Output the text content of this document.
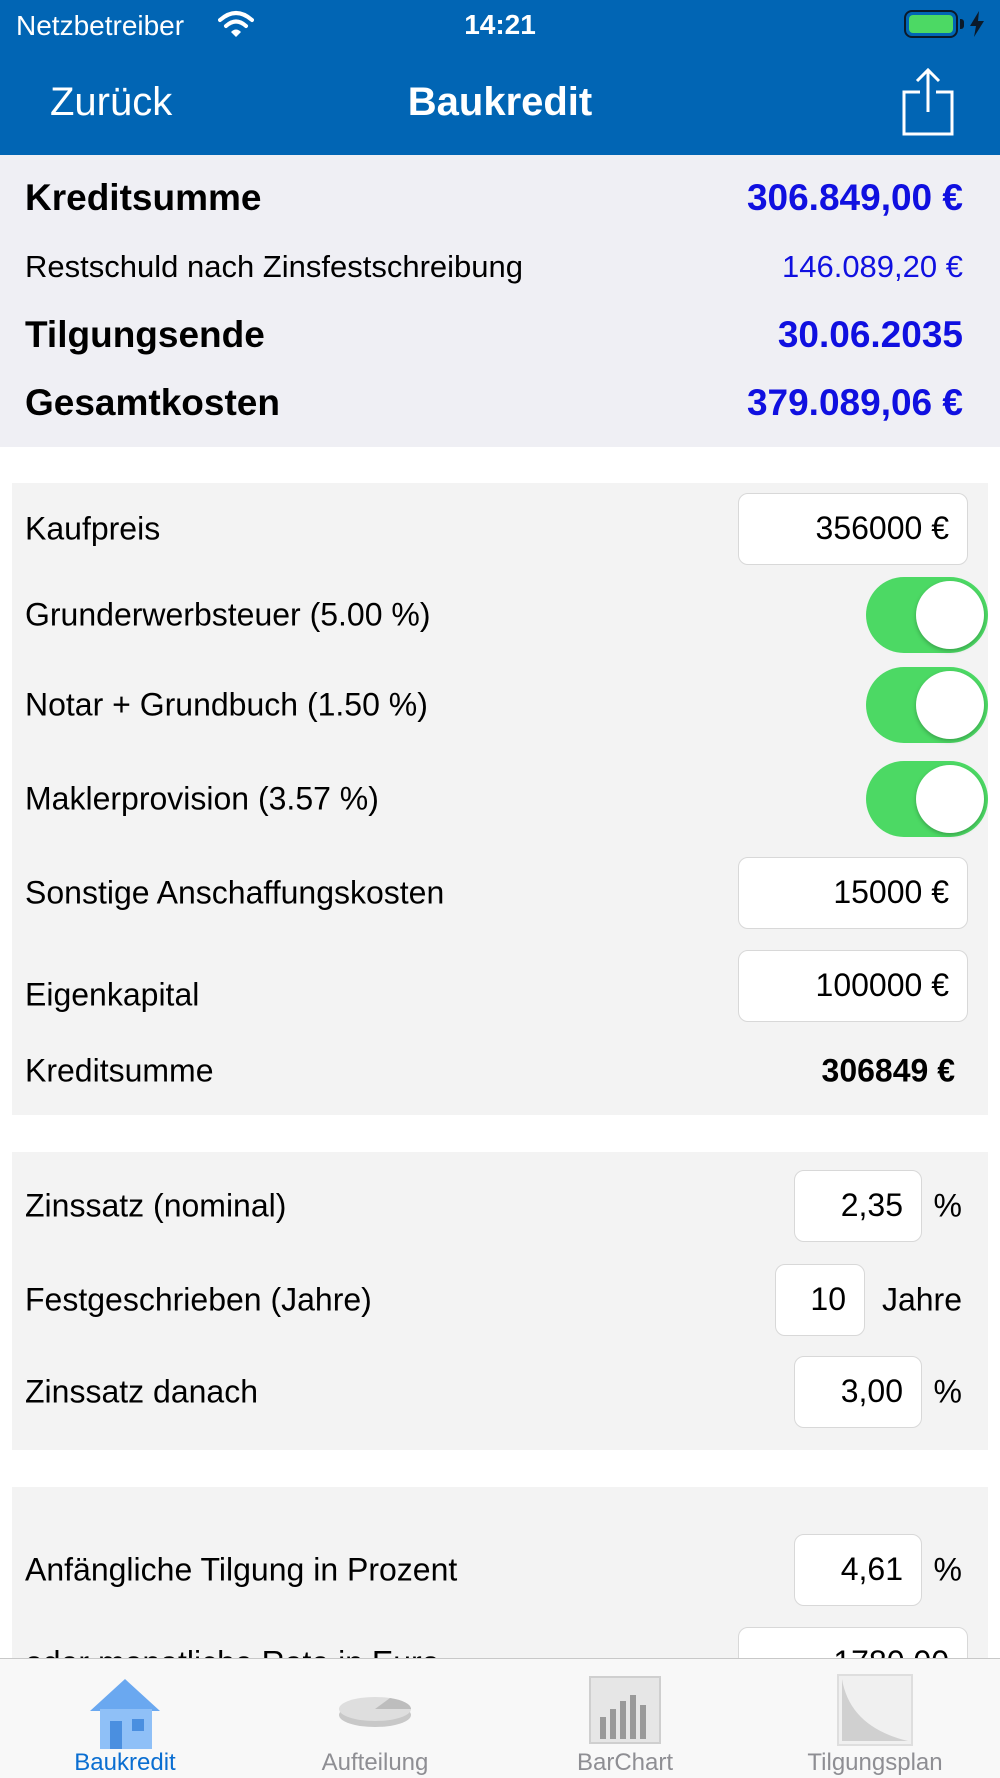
Netzbetreiber	14:21
Zurück	Baukredit
Kreditsumme	306.849,00 €
Restschuld nach Zinsfestschreibung	146.089,20 €
Tilgungsende	30.06.2035
Gesamtkosten	379.089,06 €
Kaufpreis	356000 €
Grunderwerbsteuer (5.00 %)
Notar + Grundbuch (1.50 %)
Maklerprovision (3.57 %)
Sonstige Anschaffungskosten	15000 €
Eigenkapital	100000 €
Kreditsumme	306849 €
Zinssatz (nominal)	2,35 %
Festgeschrieben (Jahre)	10	Jahre
Zinssatz danach	3,00 %
Anfängliche Tilgung in Prozent	4,61 %
Baukredit	Aufteilung	BarChart	Tilgungsplan
